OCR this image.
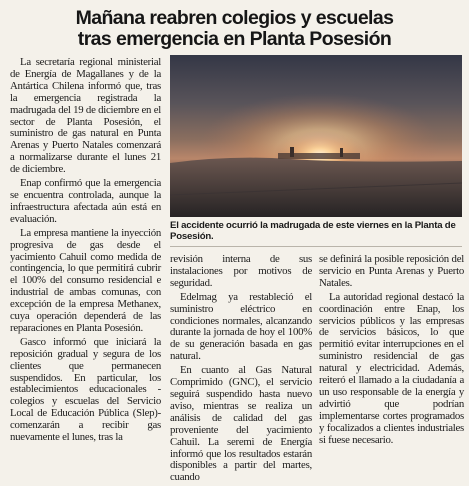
Mañana reabren colegios y escuelas
tras emergencia en Planta Posesión

La secretaría regional ministerial de Energía de Magallanes y de la Antártica Chilena informó que, tras la emergencia registrada la madrugada del 19 de diciembre en el sector de Planta Posesión, el suministro de gas natural en Punta Arenas y Puerto Natales comenzará a normalizarse durante el lunes 21 de diciembre.

Enap confirmó que la emergencia se encuentra controlada, aunque la infraestructura afectada aún está en evaluación.

La empresa mantiene la inyección progresiva de gas desde el yacimiento Cahuil como medida de contingencia, lo que permitirá cubrir el 100% del consumo residencial e industrial de ambas comunas, con excepción de la empresa Methanex, cuya operación dependerá de las reparaciones en Planta Posesión.

Gasco informó que iniciará la reposición gradual y segura de los clientes que permanecen suspendidos. En particular, los establecimientos educacionales -colegios y escuelas del Servicio Local de Educación Pública (Slep)- comenzarán a recibir gas nuevamente el lunes, tras la

El accidente ocurrió la madrugada de este viernes en la Planta de Posesión.

revisión interna de sus instalaciones por motivos de seguridad.

Edelmag ya restableció el suministro eléctrico en condiciones normales, alcanzando durante la jornada de hoy el 100% de su generación basada en gas natural.

En cuanto al Gas Natural Comprimido (GNC), el servicio seguirá suspendido hasta nuevo aviso, mientras se realiza un análisis de calidad del gas proveniente del yacimiento Cahuil. La seremi de Energía informó que los resultados estarán disponibles a partir del martes, cuando

se definirá la posible reposición del servicio en Punta Arenas y Puerto Natales.

La autoridad regional destacó la coordinación entre Enap, los servicios públicos y las empresas de servicios básicos, lo que permitió evitar interrupciones en el suministro residencial de gas natural y electricidad. Además, reiteró el llamado a la ciudadanía a un uso responsable de la energía y advirtió que podrían implementarse cortes programados y focalizados a clientes industriales si fuese necesario.
